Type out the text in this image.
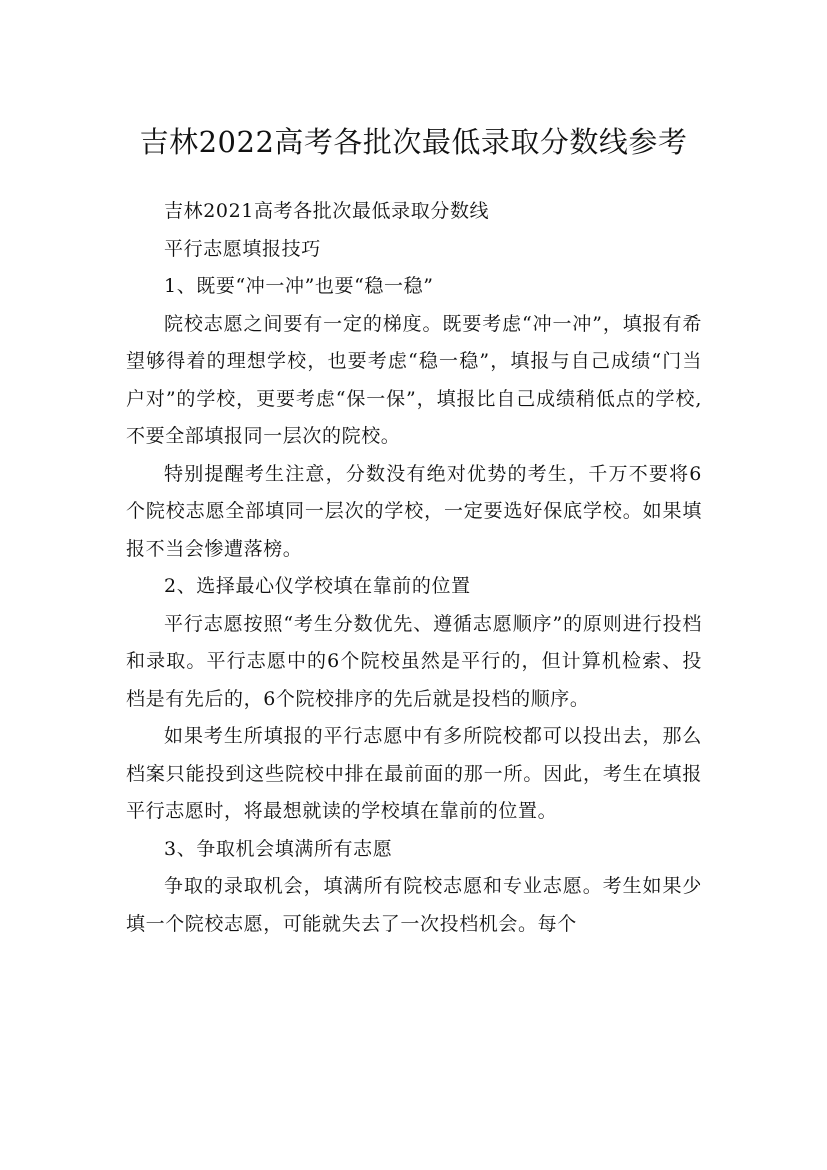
吉林2022高考各批次最低录取分数线参考

吉林2021高考各批次最低录取分数线

平行志愿填报技巧

1、既要“冲一冲”也要“稳一稳”

院校志愿之间要有一定的梯度。既要考虑“冲一冲”，填报有希望够得着的理想学校，也要考虑“稳一稳”，填报与自己成绩“门当户对”的学校，更要考虑“保一保”，填报比自己成绩稍低点的学校,不要全部填报同一层次的院校。

特别提醒考生注意，分数没有绝对优势的考生，千万不要将6个院校志愿全部填同一层次的学校，一定要选好保底学校。如果填报不当会惨遭落榜。

2、选择最心仪学校填在靠前的位置

平行志愿按照“考生分数优先、遵循志愿顺序”的原则进行投档和录取。平行志愿中的6个院校虽然是平行的，但计算机检索、投档是有先后的，6个院校排序的先后就是投档的顺序。

如果考生所填报的平行志愿中有多所院校都可以投出去，那么档案只能投到这些院校中排在最前面的那一所。因此，考生在填报平行志愿时，将最想就读的学校填在靠前的位置。

3、争取机会填满所有志愿

争取的录取机会，填满所有院校志愿和专业志愿。考生如果少填一个院校志愿，可能就失去了一次投档机会。每个
